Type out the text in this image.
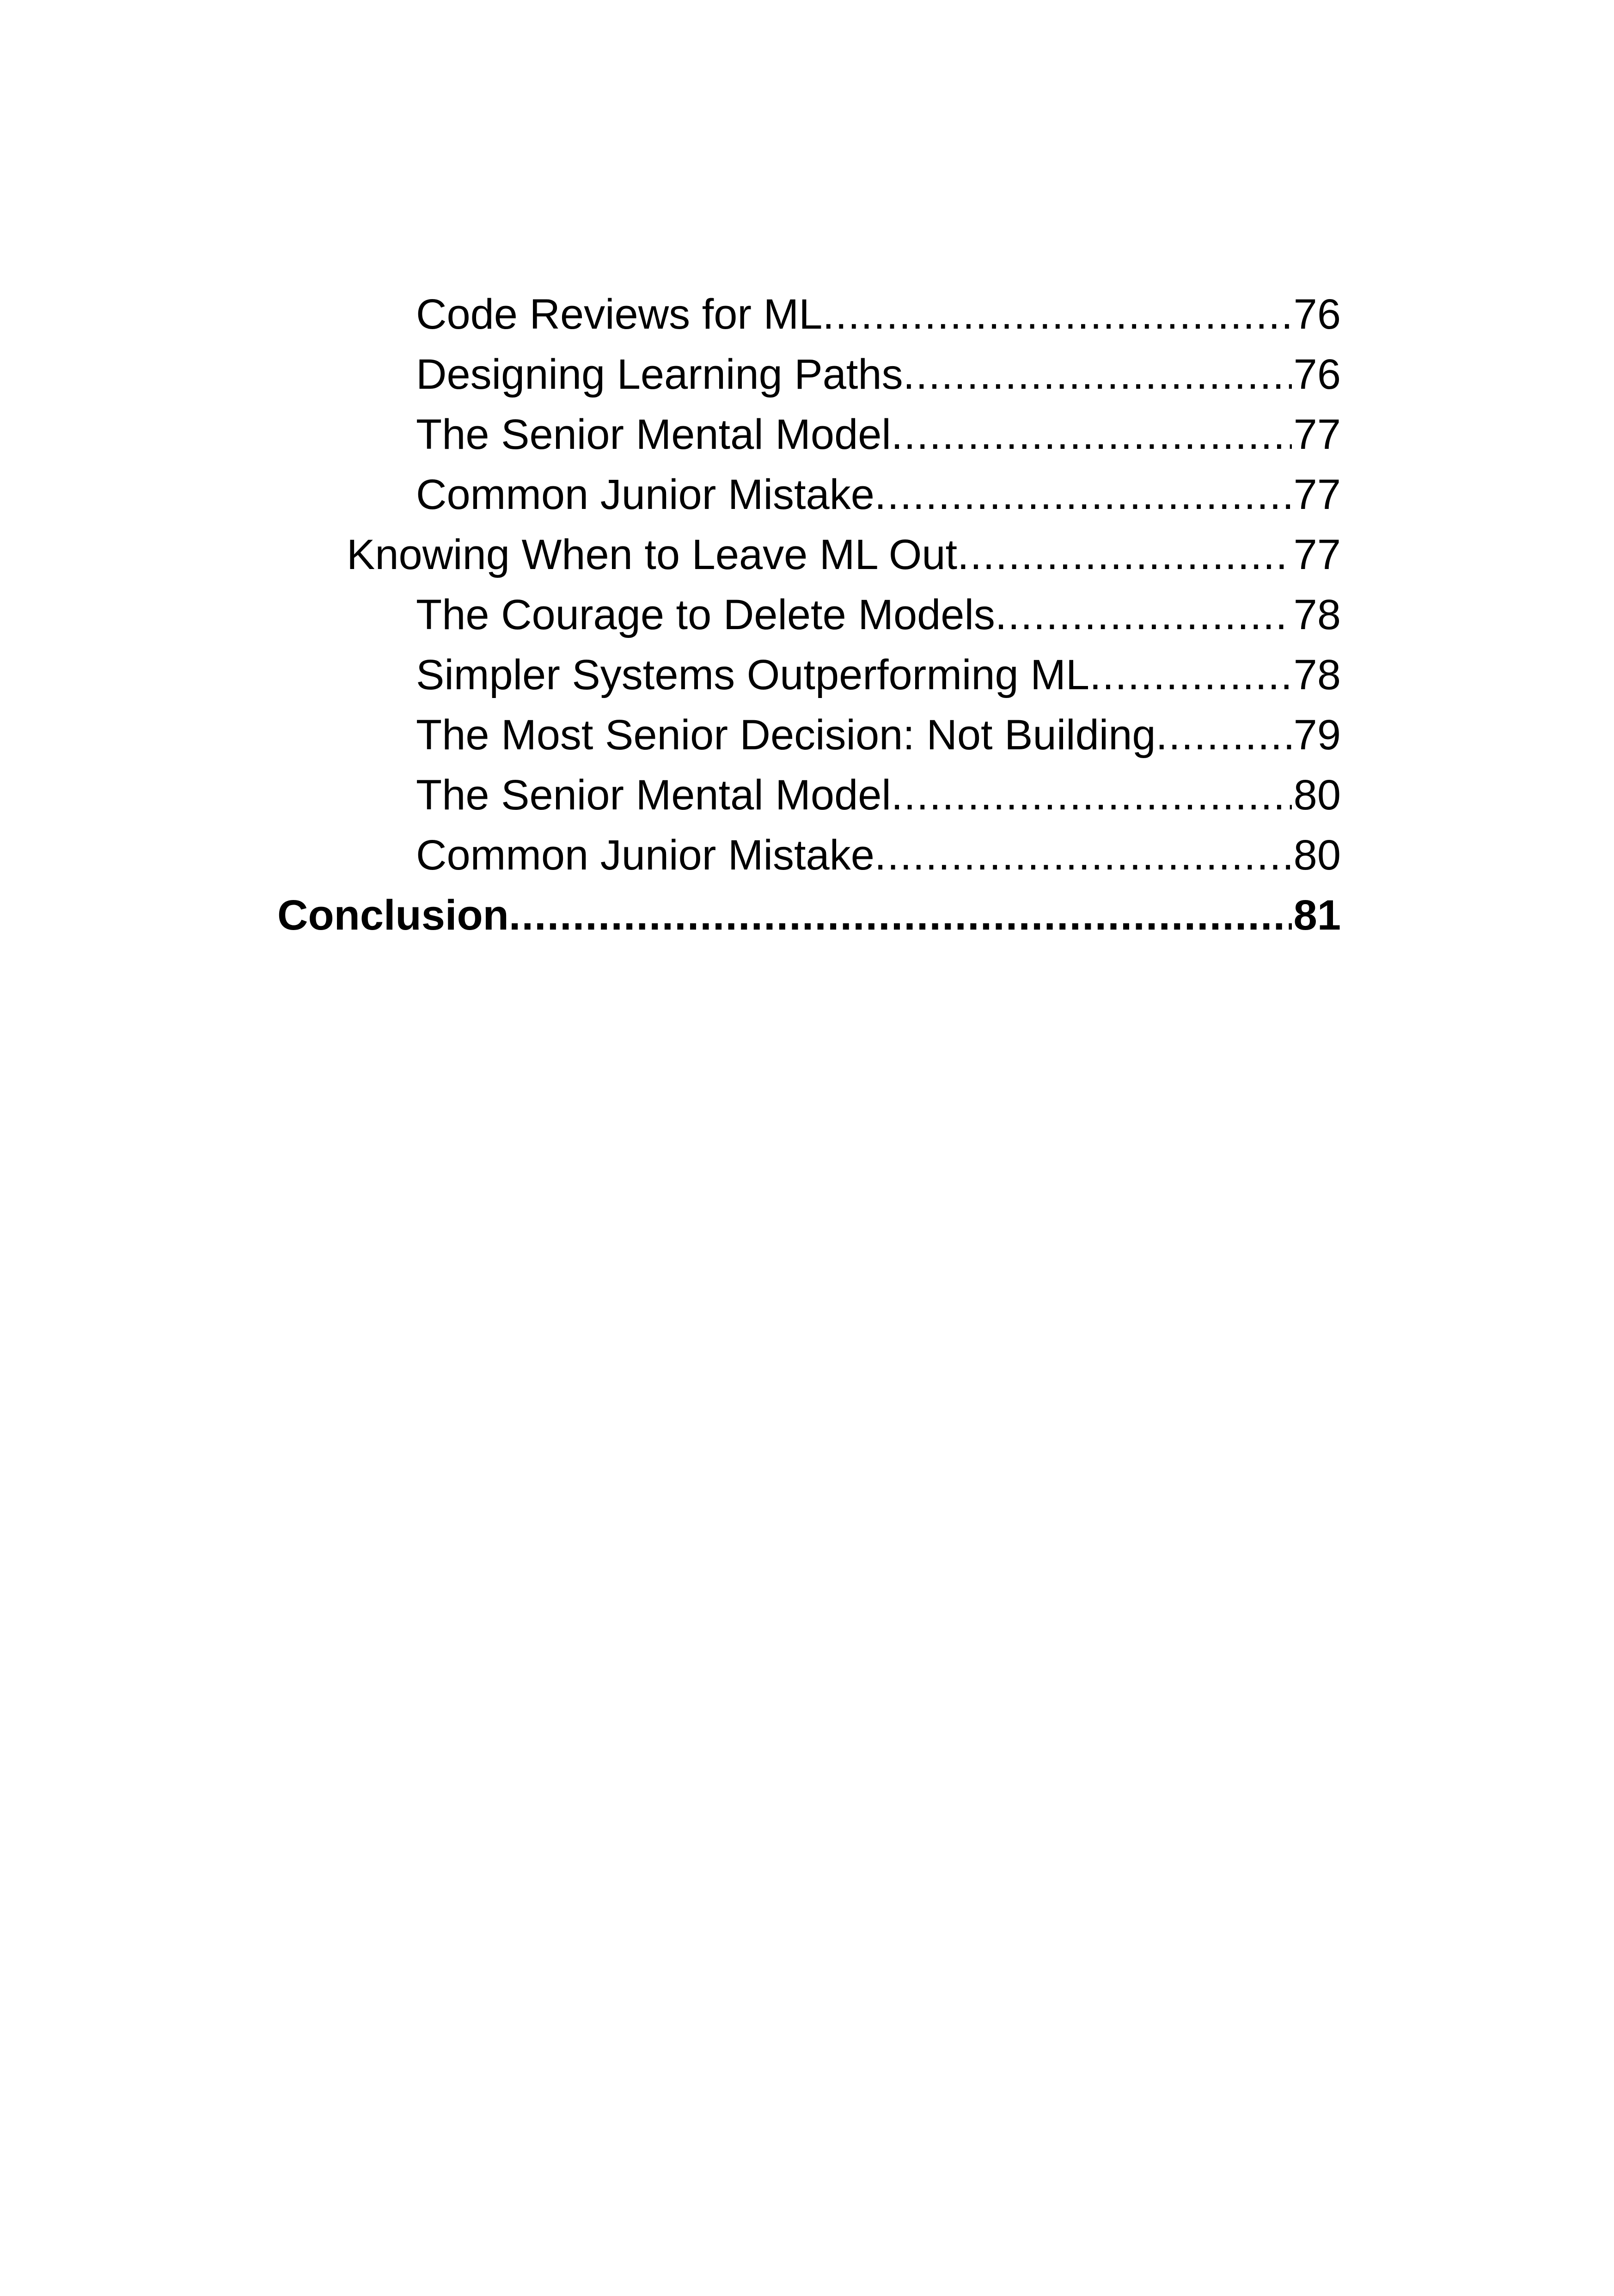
Code Reviews for ML .....	76
Designing Learning Paths .....	76
The Senior Mental Model .....	77
Common Junior Mistake .....	77
Knowing When to Leave ML Out .....	77
The Courage to Delete Models .....	78
Simpler Systems Outperforming ML .....	78
The Most Senior Decision: Not Building .....	79
The Senior Mental Model .....	80
Common Junior Mistake .....	80
Conclusion .....	81
